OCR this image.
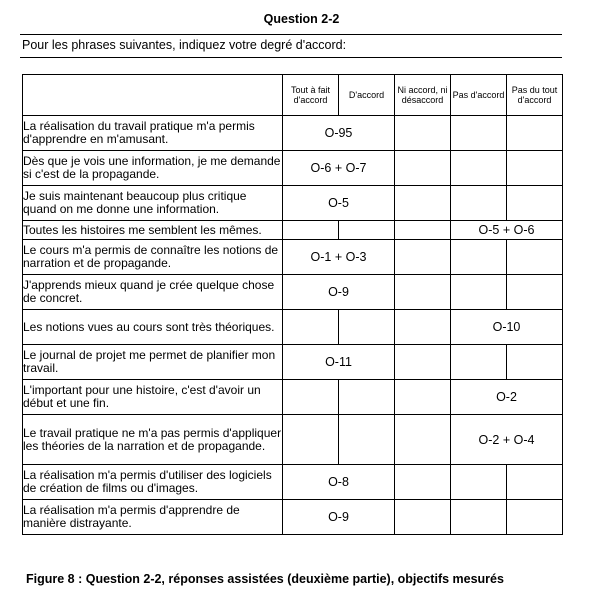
Question 2-2
Pour les phrases suivantes, indiquez votre degré d'accord:
	Tout à fait d'accord	D'accord	Ni accord, ni désaccord	Pas d'accord	Pas du tout d'accord
La réalisation du travail pratique m'a permis d'apprendre en m'amusant.	O-95				
Dès que je vois une information, je me demande si c'est de la propagande.	O-6 + O-7				
Je suis maintenant beaucoup plus critique quand on me donne une information.	O-5				
Toutes les histoires me semblent les mêmes.				O-5 + O-6	
Le cours m'a permis de connaître les notions de narration et de propagande.	O-1 + O-3				
J'apprends mieux quand je crée quelque chose de concret.	O-9				
Les notions vues au cours sont très théoriques.				O-10	
Le journal de projet me permet de planifier mon travail.	O-11				
L'important pour une histoire, c'est d'avoir un début et une fin.				O-2	
Le travail pratique ne m'a pas permis d'appliquer les théories de la narration et de propagande.				O-2 + O-4	
La réalisation m'a permis d'utiliser des logiciels de création de films ou d'images.	O-8				
La réalisation m'a permis d'apprendre de manière distrayante.	O-9				
Figure 8 : Question 2-2, réponses assistées (deuxième partie), objectifs mesurés
